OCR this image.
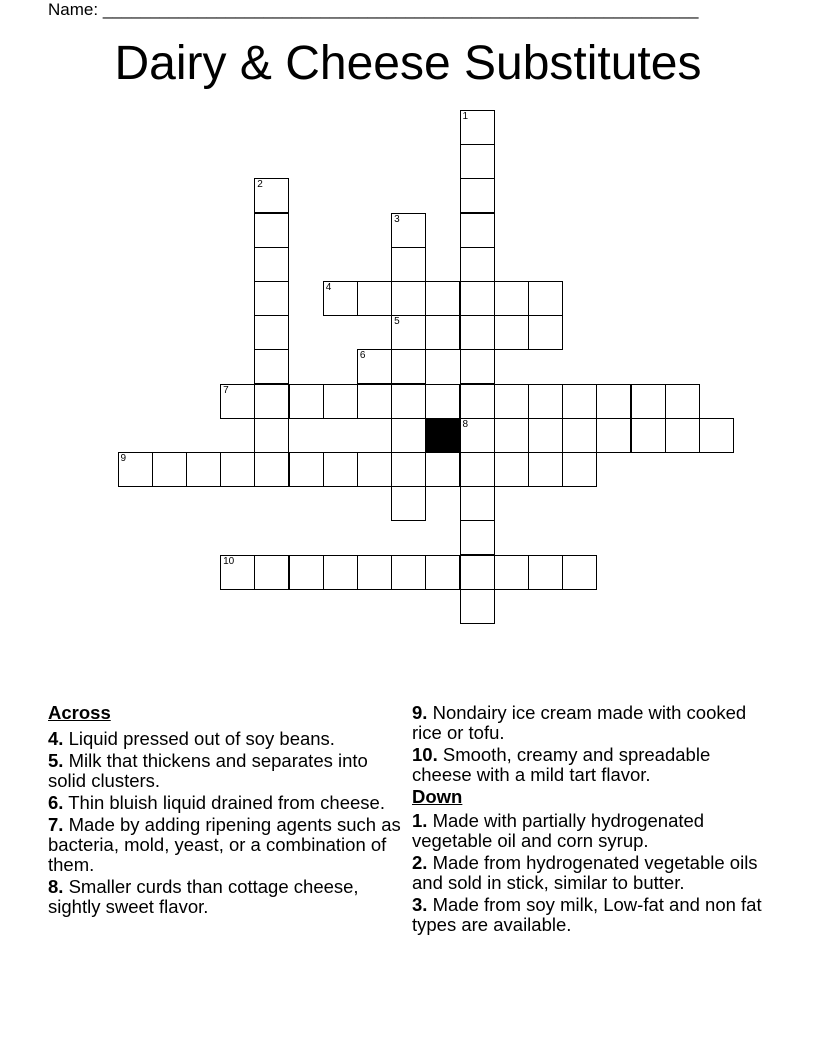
Name: _______________________________________________________________
Dairy & Cheese Substitutes
4
5
7
8
9
10
1
2
3
6
Across
4. Liquid pressed out of soy beans.
5. Milk that thickens and separates into solid clusters.
6. Thin bluish liquid drained from cheese.
7. Made by adding ripening agents such as bacteria, mold, yeast, or a combination of them.
8. Smaller curds than cottage cheese, sightly sweet flavor.
9. Nondairy ice cream made with cooked rice or tofu.
10. Smooth, creamy and spreadable cheese with a mild tart flavor.
Down
1. Made with partially hydrogenated vegetable oil and corn syrup.
2. Made from hydrogenated vegetable oils and sold in stick, similar to butter.
3. Made from soy milk, Low-fat and non fat types are available.
